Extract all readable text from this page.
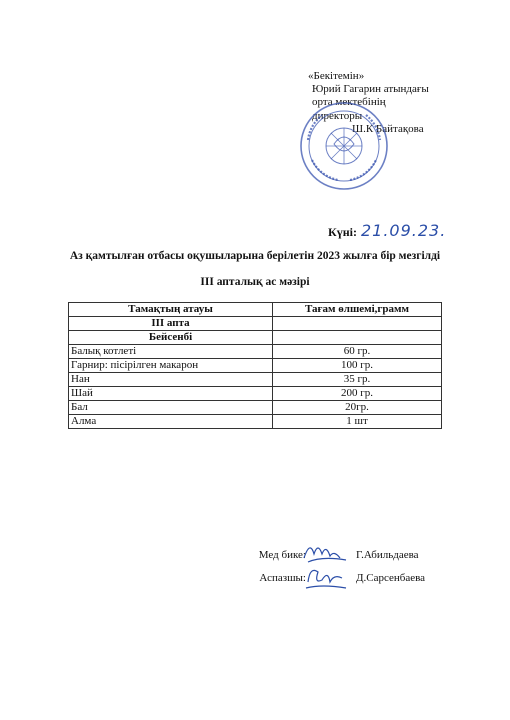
«Бекітемін»
Юрий Гагарин атындағы
орта мектебінің
директоры
Ш.К Байтақова
Күні: 21.09.23.
Аз қамтылған отбасы оқушыларына берілетін 2023 жылға бір мезгілді
III апталық ас мәзірі
Тамақтың атауы	Тағам өлшемі,грамм
III апта	
Бейсенбі	
Балық котлеті	60 гр.
Гарнир: пісірілген макарон	100 гр.
Нан	35 гр.
Шай	200 гр.
Бал	20гр.
Алма	1 шт
Мед бике:	Г.Абильдаева
Аспазшы:	Д.Сарсенбаева
